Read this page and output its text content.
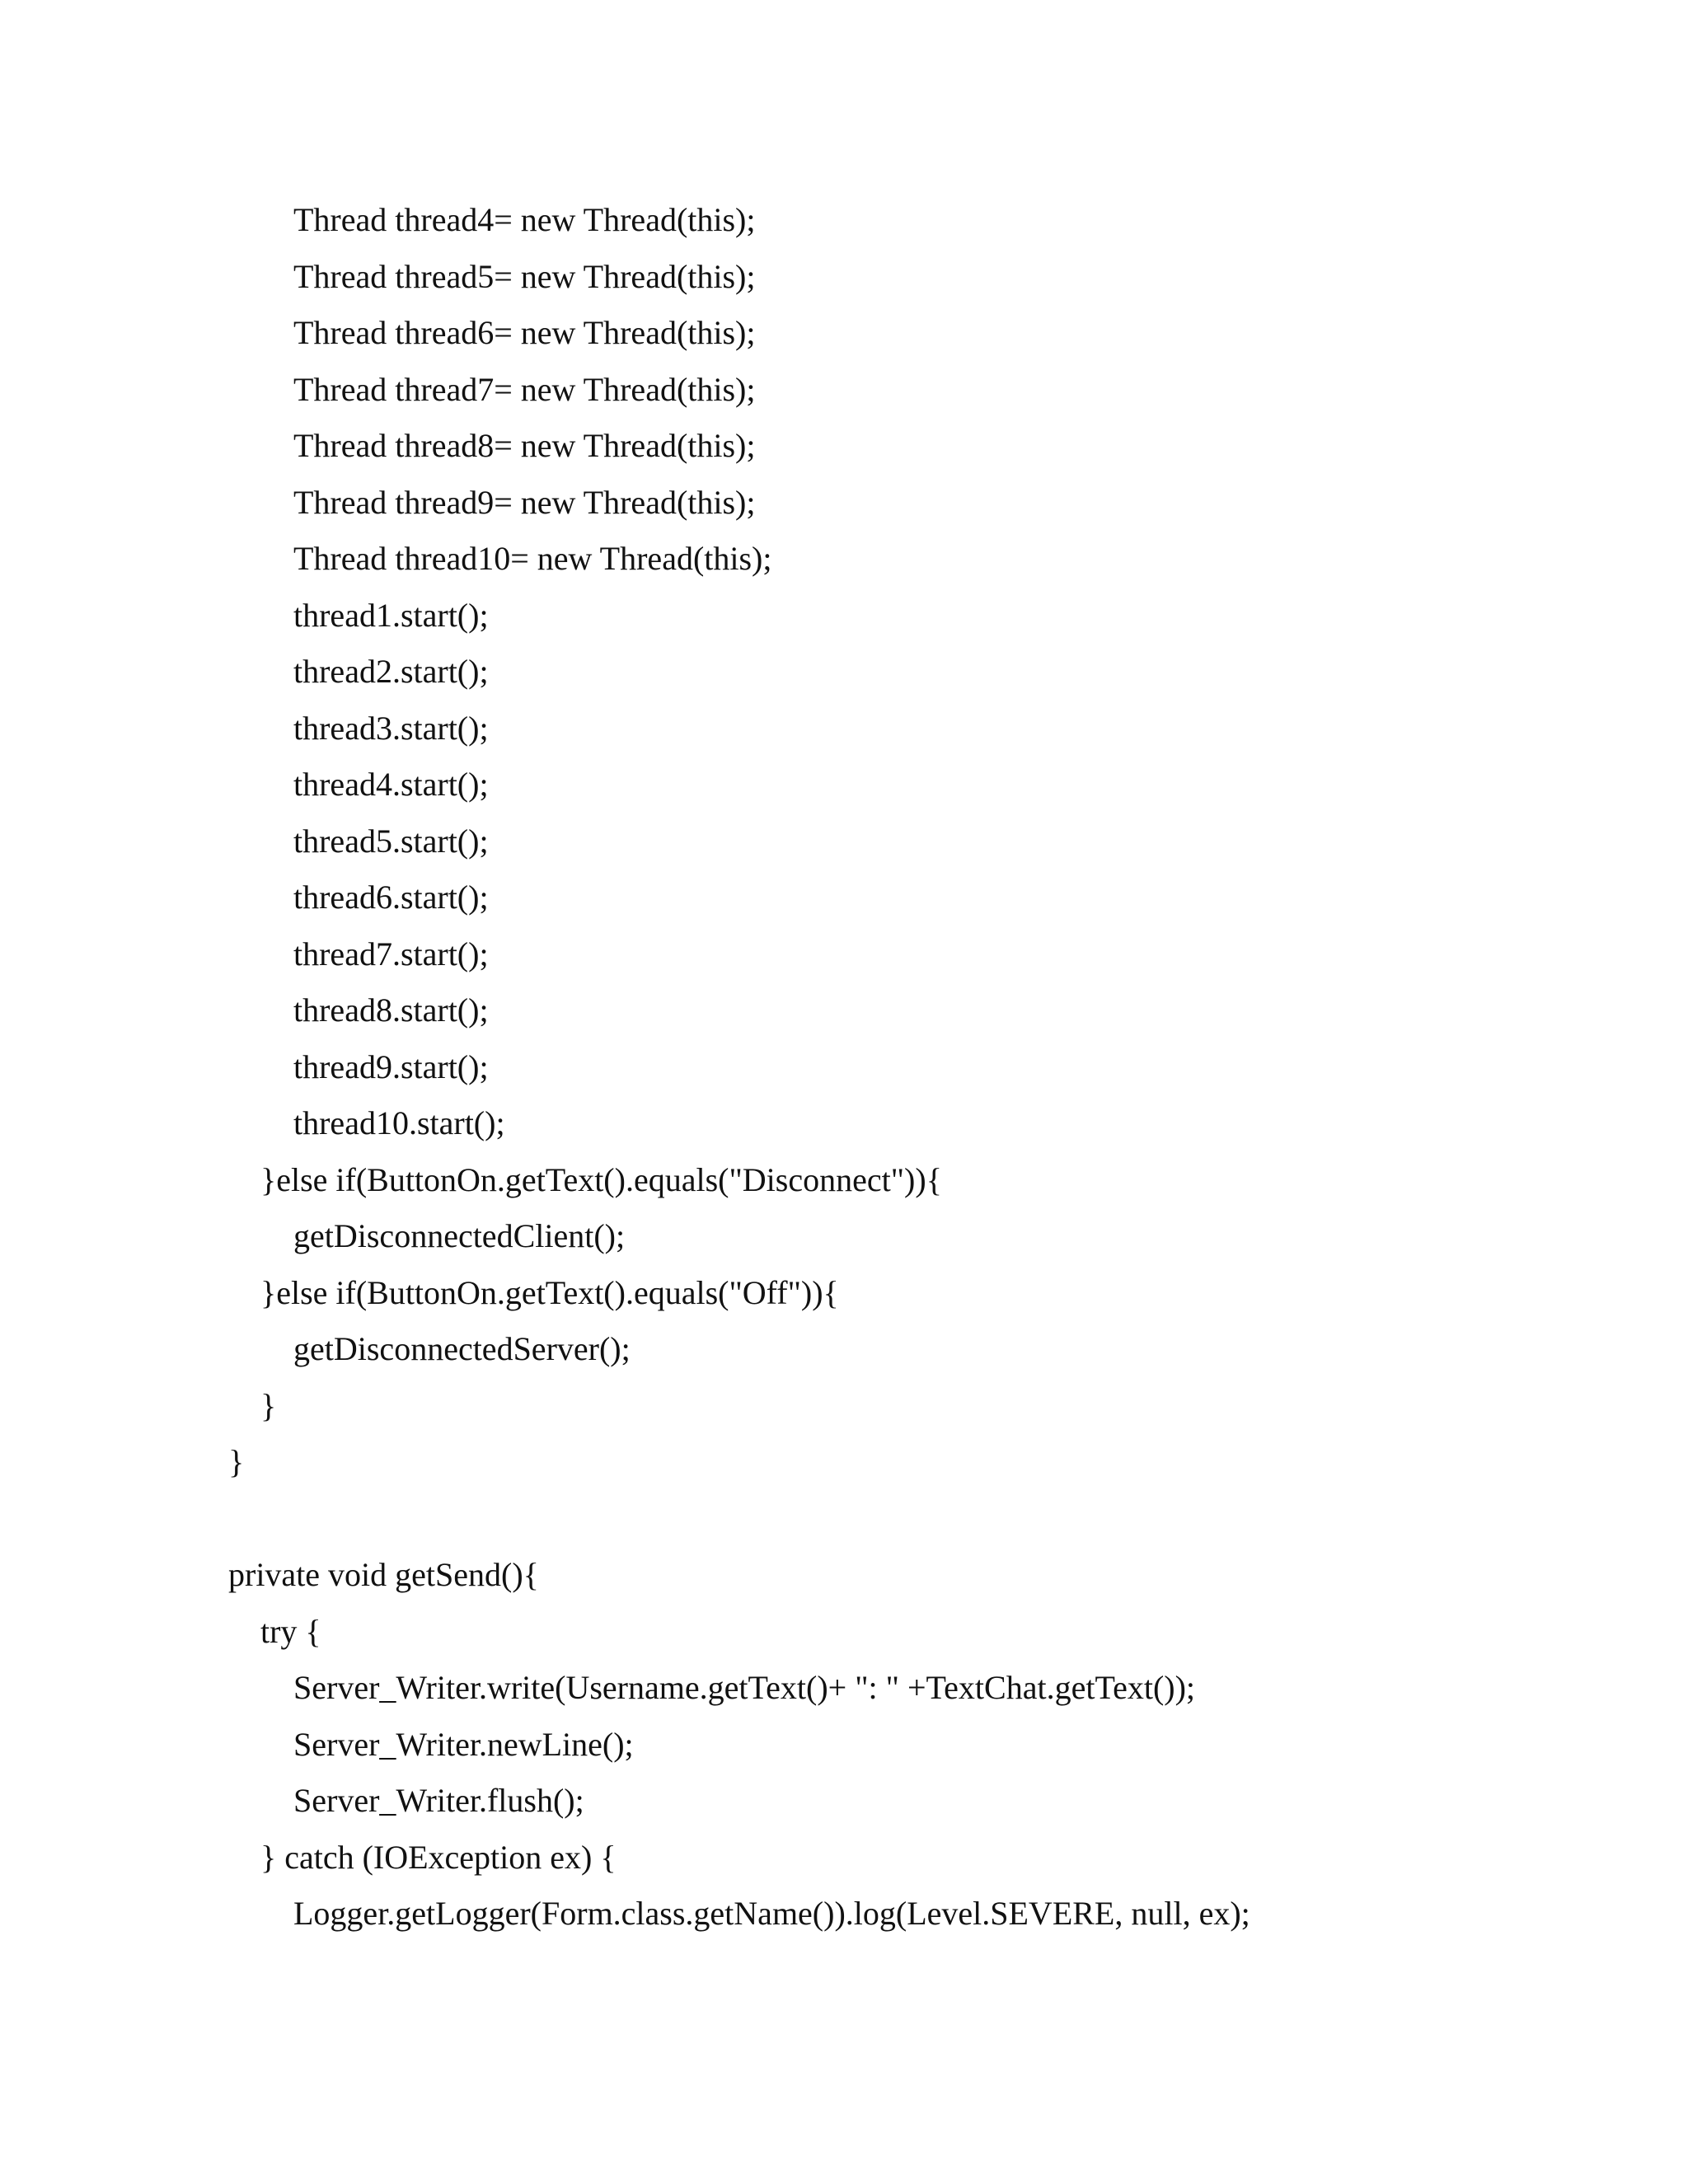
Thread thread4= new Thread(this);
Thread thread5= new Thread(this);
Thread thread6= new Thread(this);
Thread thread7= new Thread(this);
Thread thread8= new Thread(this);
Thread thread9= new Thread(this);
Thread thread10= new Thread(this);
thread1.start();
thread2.start();
thread3.start();
thread4.start();
thread5.start();
thread6.start();
thread7.start();
thread8.start();
thread9.start();
thread10.start();
}else if(ButtonOn.getText().equals("Disconnect")){
getDisconnectedClient();
}else if(ButtonOn.getText().equals("Off")){
getDisconnectedServer();
}
}
private void getSend(){
try {
Server_Writer.write(Username.getText()+ ": " +TextChat.getText());
Server_Writer.newLine();
Server_Writer.flush();
} catch (IOException ex) {
Logger.getLogger(Form.class.getName()).log(Level.SEVERE, null, ex);
